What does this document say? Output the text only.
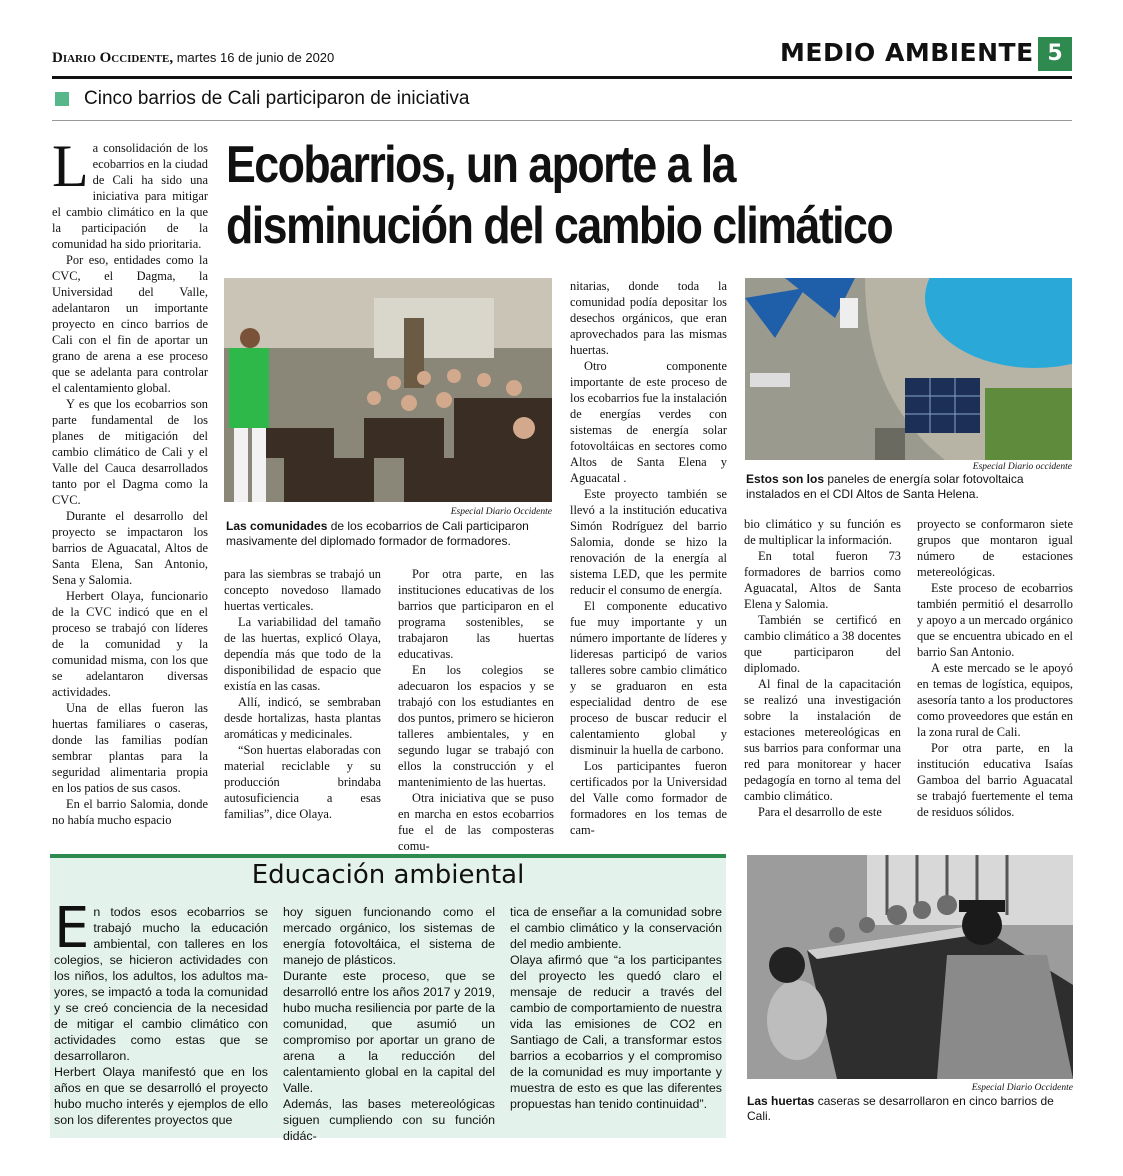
Diario Occidente, martes 16 de junio de 2020	MEDIO AMBIENTE 5
Cinco barrios de Cali participaron de iniciativa
Ecobarrios, un aporte a la
disminución del cambio climático

La consolidación de los ecobarrios en la ciudad de Cali ha sido una iniciativa para mitigar el cambio climático en la que la participación de la comunidad ha sido prioritaria.

Por eso, entidades como la CVC, el Dagma, la Universidad del Valle, adelantaron un importante proyecto en cinco barrios de Cali con el fin de aportar un grano de arena a ese proceso que se adelanta para controlar el calentamiento global.

Y es que los ecobarrios son parte fundamental de los planes de mitigación del cambio climático de Cali y el Valle del Cauca desarrollados tanto por el Dagma como la CVC.

Durante el desarrollo del proyecto se impactaron los barrios de Aguacatal, Altos de Santa Elena, San Antonio, Sena y Salomia.

Herbert Olaya, funcionario de la CVC indicó que en el proceso se trabajó con líderes de la comunidad y la comunidad misma, con los que se adelantaron diversas actividades.

Una de ellas fueron las huertas familiares o caseras, donde las familias podían sembrar plantas para la seguridad alimentaria propia en los patios de sus casos.

En el barrio Salomia, donde no había mucho espacio

Especial Diario Occidente
Las comunidades de los ecobarrios de Cali participaron masivamente del diplomado formador de formadores.

para las siembras se trabajó un concepto novedoso llamado huertas verticales.

La variabilidad del tamaño de las huertas, explicó Olaya, dependía más que todo de la disponibilidad de espacio que existía en las casas.

Allí, indicó, se sembraban desde hortalizas, hasta plantas aromáticas y medicinales.

“Son huertas elaboradas con material reciclable y su producción brindaba autosuficiencia a esas familias”, dice Olaya.

Por otra parte, en las instituciones educativas de los barrios que participaron en el programa sostenibles, se trabajaron las huertas educativas.

En los colegios se adecuaron los espacios y se trabajó con los estudiantes en dos puntos, primero se hicieron talleres ambientales, y en segundo lugar se trabajó con ellos la construcción y el mantenimiento de las huertas.

Otra iniciativa que se puso en marcha en estos ecobarrios fue el de las composteras comu-

nitarias, donde toda la comunidad podía depositar los desechos orgánicos, que eran aprovechados para las mismas huertas.

Otro componente importante de este proceso de los ecobarrios fue la instalación de energías verdes con sistemas de energía solar fotovoltáicas en sectores como Altos de Santa Elena y Aguacatal .

Este proyecto también se llevó a la institución educativa Simón Rodríguez del barrio Salomia, donde se hizo la renovación de la energía al sistema LED, que les permite reducir el consumo de energía.

El componente educativo fue muy importante y un número importante de líderes y lideresas participó de varios talleres sobre cambio climático y se graduaron en esta especialidad dentro de ese proceso de buscar reducir el calentamiento global y disminuir la huella de carbono.

Los participantes fueron certificados por la Universidad del Valle como formador de formadores en los temas de cam-

Especial Diario occidente
Estos son los paneles de energía solar fotovoltaica instalados en el CDI Altos de Santa Helena.

bio climático y su función es de multiplicar la información.

En total fueron 73 formadores de barrios como Aguacatal, Altos de Santa Elena y Salomia.

También se certificó en cambio climático a 38 docentes que participaron del diplomado.

Al final de la capacitación se realizó una investigación sobre la instalación de estaciones metereológicas en sus barrios para conformar una red para monitorear y hacer pedagogía en torno al tema del cambio climático.

Para el desarrollo de este

proyecto se conformaron siete grupos que montaron igual número de estaciones metereológicas.

Este proceso de ecobarrios también permitió el desarrollo y apoyo a un mercado orgánico que se encuentra ubicado en el barrio San Antonio.

A este mercado se le apoyó en temas de logística, equipos, asesoría tanto a los productores como proveedores que están en la zona rural de Cali.

Por otra parte, en la institución educativa Isaías Gamboa del barrio Aguacatal se trabajó fuertemente el tema de residuos sólidos.

Educación ambiental

En todos esos ecobarrios se trabajó mucho la educación ambiental, con talleres en los colegios, se hicieron actividades con los niños, los adultos, los adultos ma-yores, se impactó a toda la comunidad y se creó conciencia de la necesidad de mitigar el cambio climático con actividades como estas que se desarrollaron.

Herbert Olaya manifestó que en los años en que se desarrolló el proyecto hubo mucho interés y ejemplos de ello son los diferentes proyectos que

hoy siguen funcionando como el mercado orgánico, los sistemas de energía fotovoltáica, el sistema de manejo de plásticos.

Durante este proceso, que se desarrolló entre los años 2017 y 2019, hubo mucha resiliencia por parte de la comunidad, que asumió un compromiso por aportar un grano de arena a la reducción del calentamiento global en la capital del Valle.

Además, las bases metereológicas siguen cumpliendo con su función didác-

tica de enseñar a la comunidad sobre el cambio climático y la conservación del medio ambiente.

Olaya afirmó que “a los participantes del proyecto les quedó claro el mensaje de reducir a través del cambio de comportamiento de nuestra vida las emisiones de CO2 en Santiago de Cali, a transformar estos barrios a ecobarrios y el compromiso de la comunidad es muy importante y muestra de esto es que las diferentes propuestas han tenido continuidad”.

Especial Diario Occidente
Las huertas caseras se desarrollaron en cinco barrios de Cali.
